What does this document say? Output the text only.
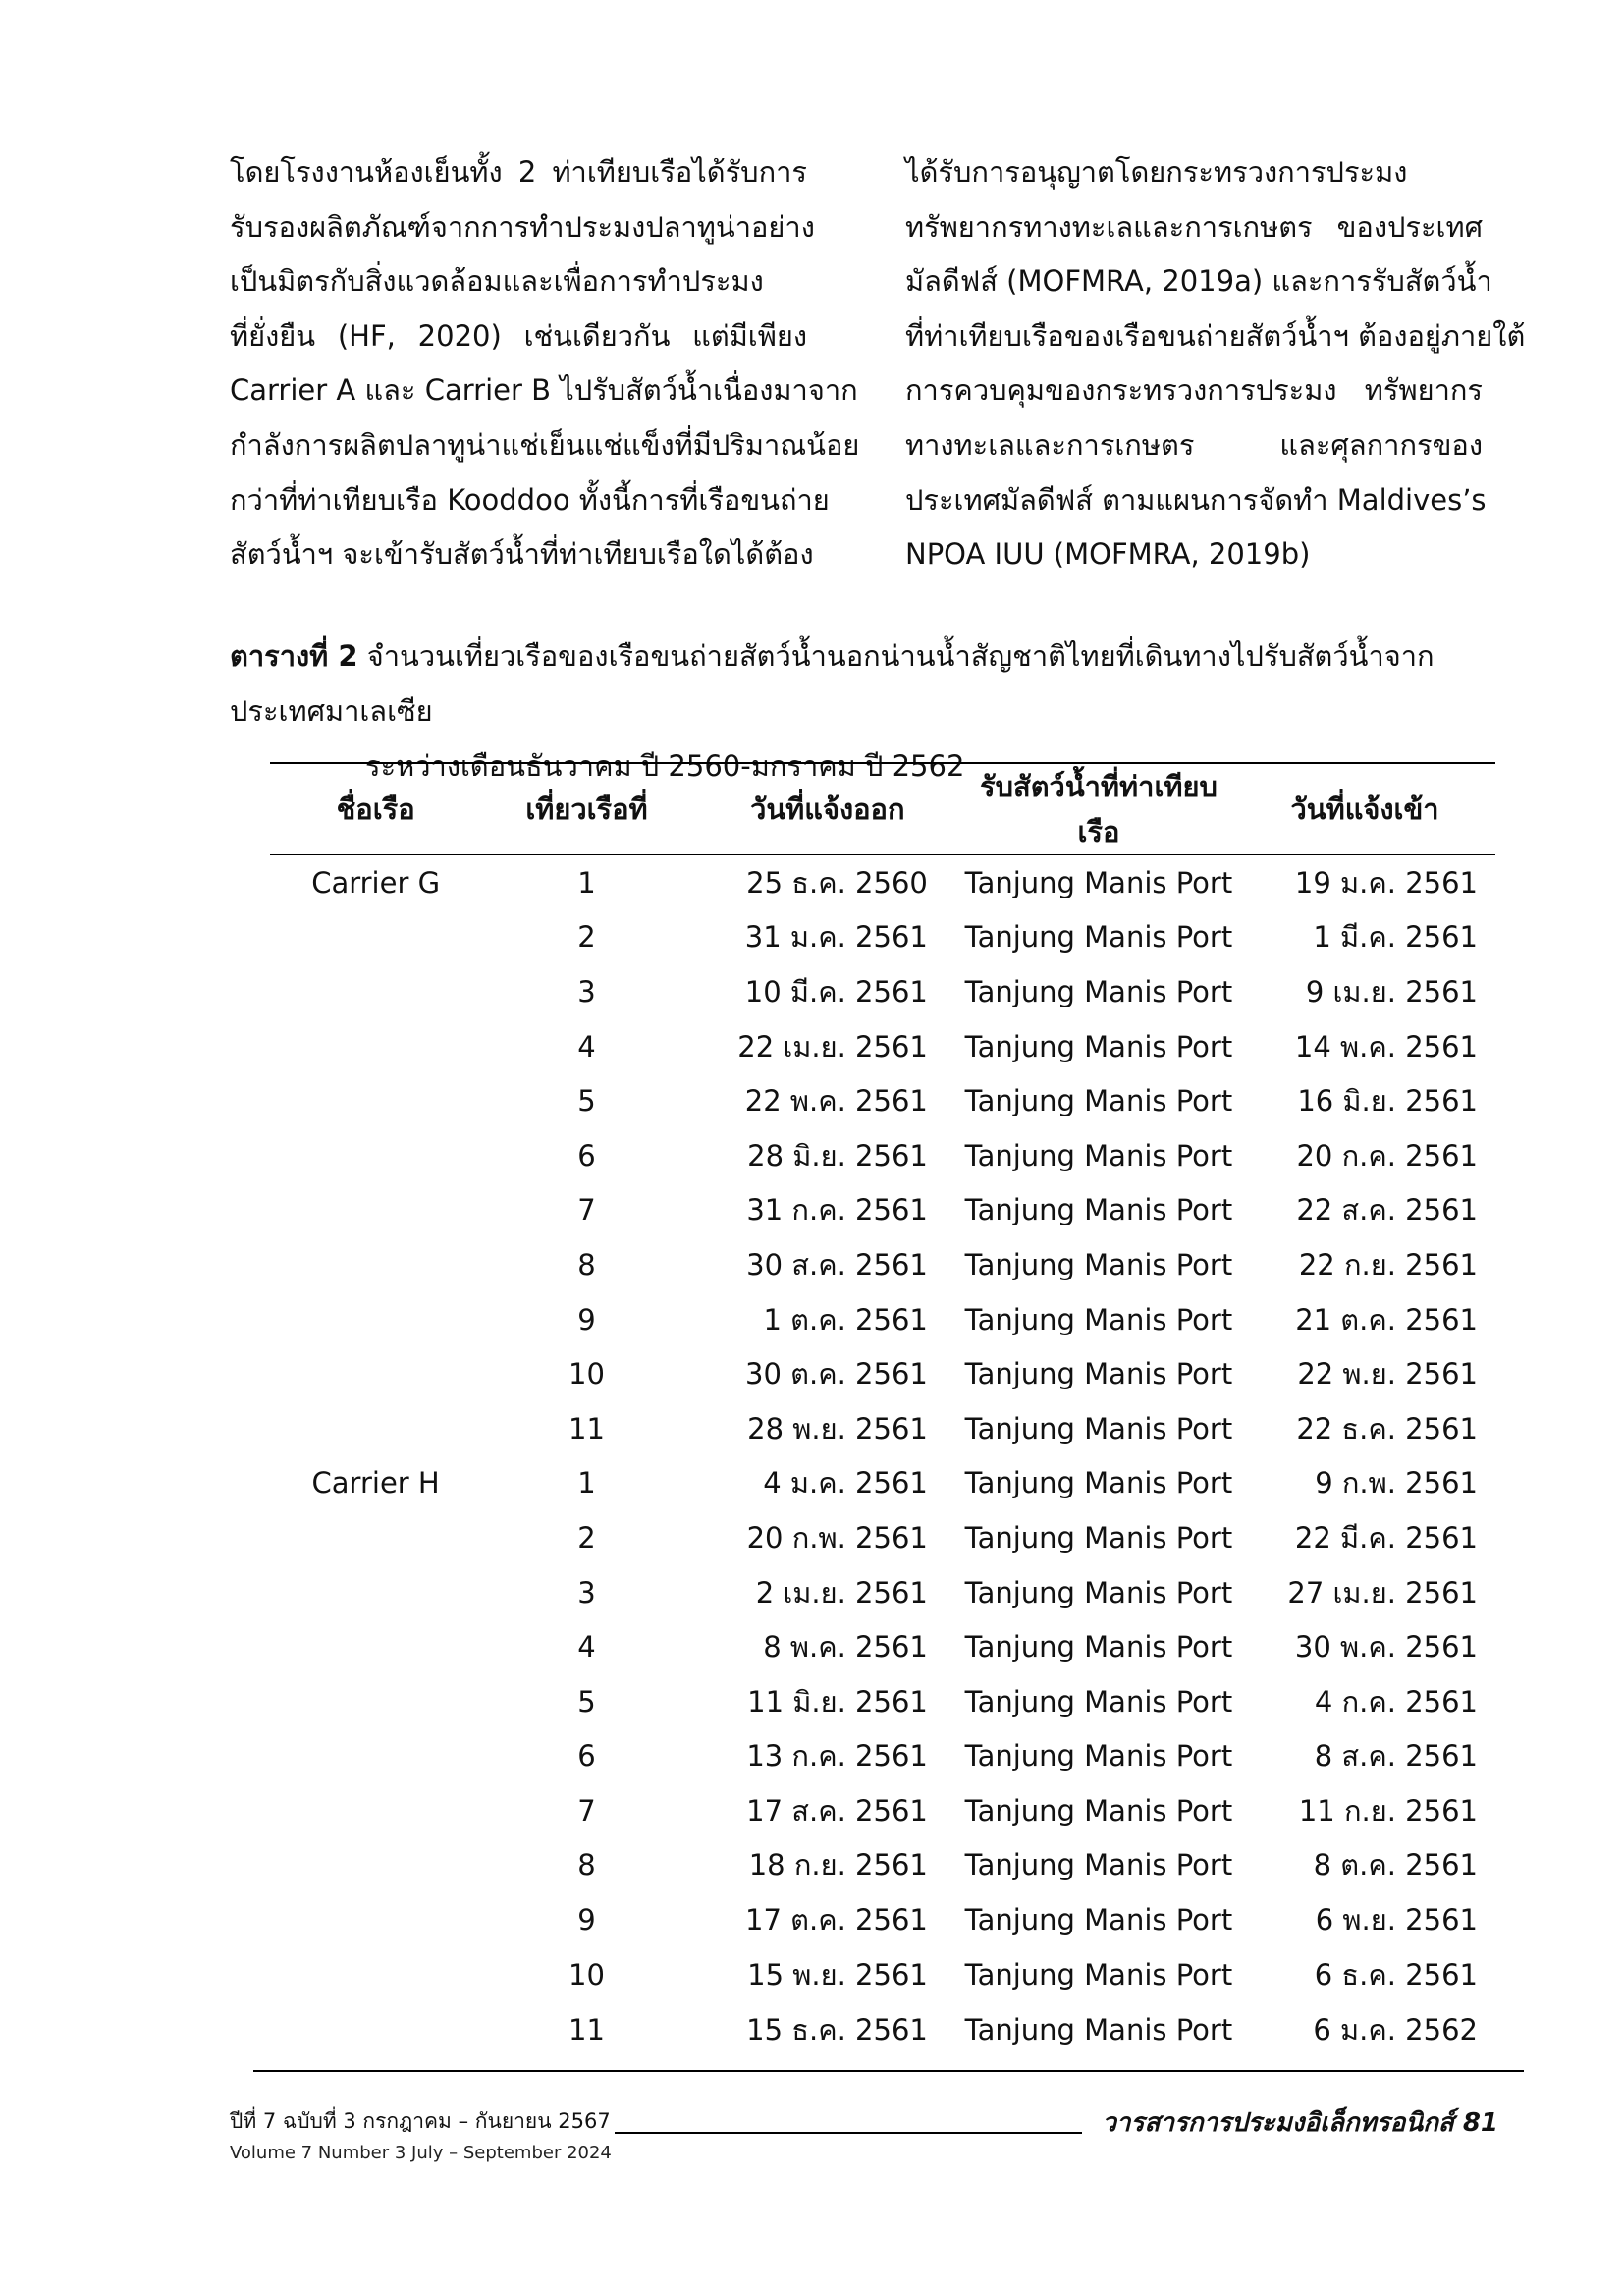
โดยโรงงานห้องเย็นทั้ง 2 ท่าเทียบเรือได้รับการ
รับรองผลิตภัณฑ์จากการทำประมงปลาทูน่าอย่าง
เป็นมิตรกับสิ่งแวดล้อมและเพื่อการทำประมง
ที่ยั่งยืน (HF, 2020) เช่นเดียวกัน แต่มีเพียง
Carrier A และ Carrier B ไปรับสัตว์น้ำเนื่องมาจาก
กำลังการผลิตปลาทูน่าแช่เย็นแช่แข็งที่มีปริมาณน้อย
กว่าที่ท่าเทียบเรือ Kooddoo ทั้งนี้การที่เรือขนถ่าย
สัตว์น้ำฯ จะเข้ารับสัตว์น้ำที่ท่าเทียบเรือใดได้ต้อง

ได้รับการอนุญาตโดยกระทรวงการประมง
ทรัพยากรทางทะเลและการเกษตร ของประเทศ
มัลดีฟส์ (MOFMRA, 2019a) และการรับสัตว์น้ำ
ที่ท่าเทียบเรือของเรือขนถ่ายสัตว์น้ำฯ ต้องอยู่ภายใต้
การควบคุมของกระทรวงการประมง ทรัพยากร
ทางทะเลและการเกษตร และศุลกากรของ
ประเทศมัลดีฟส์ ตามแผนการจัดทำ Maldives’s
NPOA IUU (MOFMRA, 2019b)

ตารางที่ 2 จำนวนเที่ยวเรือของเรือขนถ่ายสัตว์น้ำนอกน่านน้ำสัญชาติไทยที่เดินทางไปรับสัตว์น้ำจากประเทศมาเลเซีย
ระหว่างเดือนธันวาคม ปี 2560-มกราคม ปี 2562
ชื่อเรือ	เที่ยวเรือที่	วันที่แจ้งออก	รับสัตว์น้ำที่ท่าเทียบเรือ	วันที่แจ้งเข้า
Carrier G	1	25 ธ.ค. 2560	Tanjung Manis Port	19 ม.ค. 2561
	2	31 ม.ค. 2561	Tanjung Manis Port	1 มี.ค. 2561
	3	10 มี.ค. 2561	Tanjung Manis Port	9 เม.ย. 2561
	4	22 เม.ย. 2561	Tanjung Manis Port	14 พ.ค. 2561
	5	22 พ.ค. 2561	Tanjung Manis Port	16 มิ.ย. 2561
	6	28 มิ.ย. 2561	Tanjung Manis Port	20 ก.ค. 2561
	7	31 ก.ค. 2561	Tanjung Manis Port	22 ส.ค. 2561
	8	30 ส.ค. 2561	Tanjung Manis Port	22 ก.ย. 2561
	9	1 ต.ค. 2561	Tanjung Manis Port	21 ต.ค. 2561
	10	30 ต.ค. 2561	Tanjung Manis Port	22 พ.ย. 2561
	11	28 พ.ย. 2561	Tanjung Manis Port	22 ธ.ค. 2561
Carrier H	1	4 ม.ค. 2561	Tanjung Manis Port	9 ก.พ. 2561
	2	20 ก.พ. 2561	Tanjung Manis Port	22 มี.ค. 2561
	3	2 เม.ย. 2561	Tanjung Manis Port	27 เม.ย. 2561
	4	8 พ.ค. 2561	Tanjung Manis Port	30 พ.ค. 2561
	5	11 มิ.ย. 2561	Tanjung Manis Port	4 ก.ค. 2561
	6	13 ก.ค. 2561	Tanjung Manis Port	8 ส.ค. 2561
	7	17 ส.ค. 2561	Tanjung Manis Port	11 ก.ย. 2561
	8	18 ก.ย. 2561	Tanjung Manis Port	8 ต.ค. 2561
	9	17 ต.ค. 2561	Tanjung Manis Port	6 พ.ย. 2561
	10	15 พ.ย. 2561	Tanjung Manis Port	6 ธ.ค. 2561
	11	15 ธ.ค. 2561	Tanjung Manis Port	6 ม.ค. 2562
ปีที่ 7 ฉบับที่ 3 กรกฎาคม – กันยายน 2567	วารสารการประมงอิเล็กทรอนิกส์ 81
Volume 7 Number 3 July – September 2024
